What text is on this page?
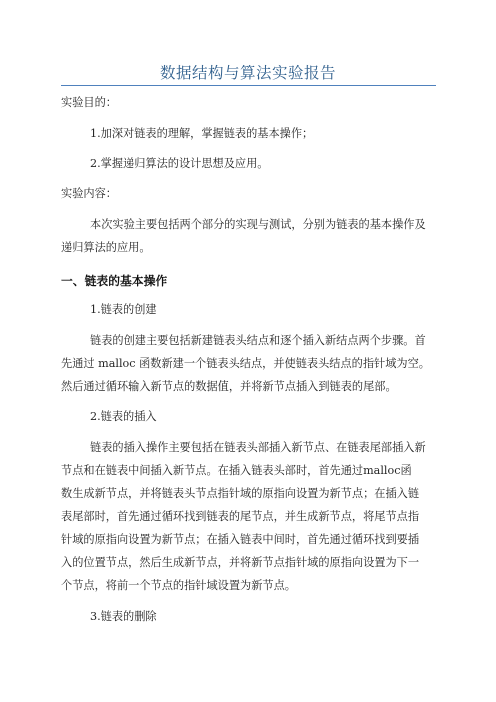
数据结构与算法实验报告
实验目的：
1.加深对链表的理解，掌握链表的基本操作；
2.掌握递归算法的设计思想及应用。
实验内容：
本次实验主要包括两个部分的实现与测试，分别为链表的基本操作及
递归算法的应用。
一、链表的基本操作
1.链表的创建
链表的创建主要包括新建链表头结点和逐个插入新结点两个步骤。首
先通过 malloc 函数新建一个链表头结点，并使链表头结点的指针域为空。
然后通过循环输入新节点的数据值，并将新节点插入到链表的尾部。
2.链表的插入
链表的插入操作主要包括在链表头部插入新节点、在链表尾部插入新
节点和在链表中间插入新节点。在插入链表头部时，首先通过malloc函
数生成新节点，并将链表头节点指针域的原指向设置为新节点；在插入链
表尾部时，首先通过循环找到链表的尾节点，并生成新节点，将尾节点指
针域的原指向设置为新节点；在插入链表中间时，首先通过循环找到要插
入的位置节点，然后生成新节点，并将新节点指针域的原指向设置为下一
个节点，将前一个节点的指针域设置为新节点。
3.链表的删除
